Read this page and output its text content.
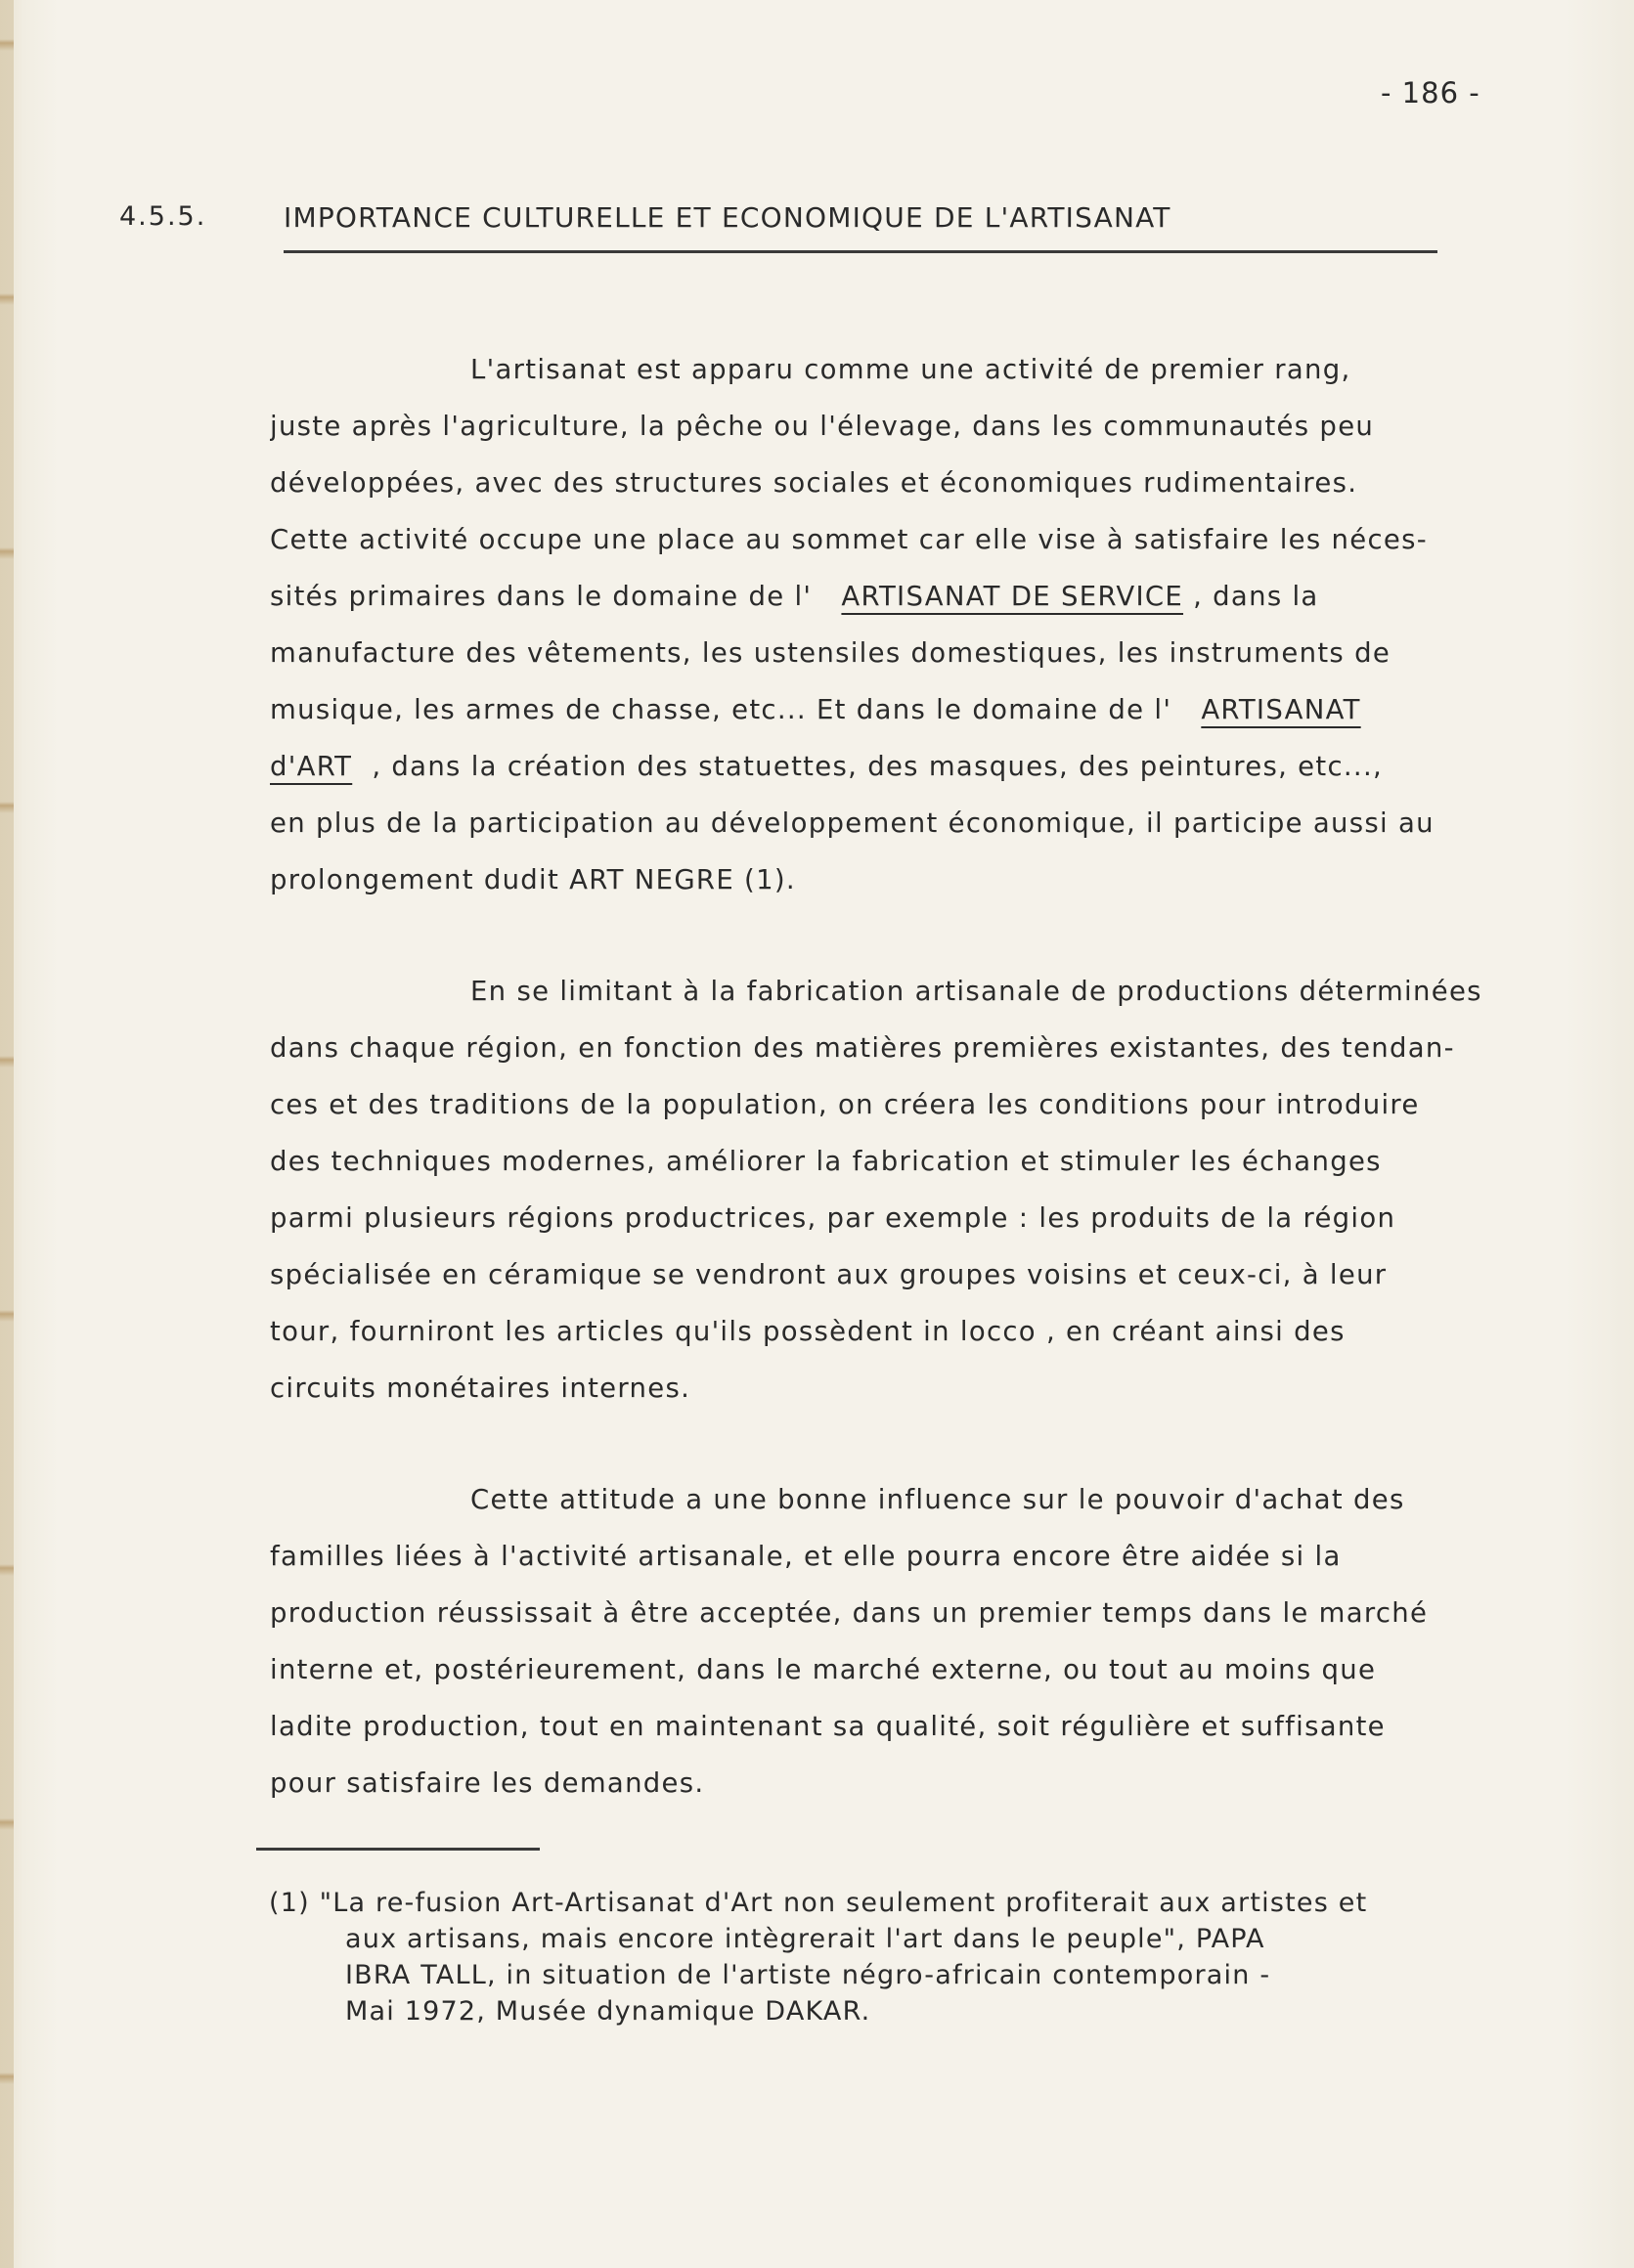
- 186 -
4.5.5.	IMPORTANCE CULTURELLE ET ECONOMIQUE DE L'ARTISANAT
L'artisanat est apparu comme une activité de premier rang,
juste après l'agriculture, la pêche ou l'élevage, dans les communautés peu
développées, avec des structures sociales et économiques rudimentaires.
Cette activité occupe une place au sommet car elle vise à satisfaire les néces-
sités primaires dans le domaine de l' ARTISANAT DE SERVICE , dans la
manufacture des vêtements, les ustensiles domestiques, les instruments de
musique, les armes de chasse, etc... Et dans le domaine de l' ARTISANAT
d'ART , dans la création des statuettes, des masques, des peintures, etc...,
en plus de la participation au développement économique, il participe aussi au
prolongement dudit ART NEGRE (1).
En se limitant à la fabrication artisanale de productions déterminées
dans chaque région, en fonction des matières premières existantes, des tendan-
ces et des traditions de la population, on créera les conditions pour introduire
des techniques modernes, améliorer la fabrication et stimuler les échanges
parmi plusieurs régions productrices, par exemple : les produits de la région
spécialisée en céramique se vendront aux groupes voisins et ceux-ci, à leur
tour, fourniront les articles qu'ils possèdent in locco , en créant ainsi des
circuits monétaires internes.
Cette attitude a une bonne influence sur le pouvoir d'achat des
familles liées à l'activité artisanale, et elle pourra encore être aidée si la
production réussissait à être acceptée, dans un premier temps dans le marché
interne et, postérieurement, dans le marché externe, ou tout au moins que
ladite production, tout en maintenant sa qualité, soit régulière et suffisante
pour satisfaire les demandes.
(1) "La re-fusion Art-Artisanat d'Art non seulement profiterait aux artistes et
aux artisans, mais encore intègrerait l'art dans le peuple", PAPA
IBRA TALL, in situation de l'artiste négro-africain contemporain -
Mai 1972, Musée dynamique DAKAR.
